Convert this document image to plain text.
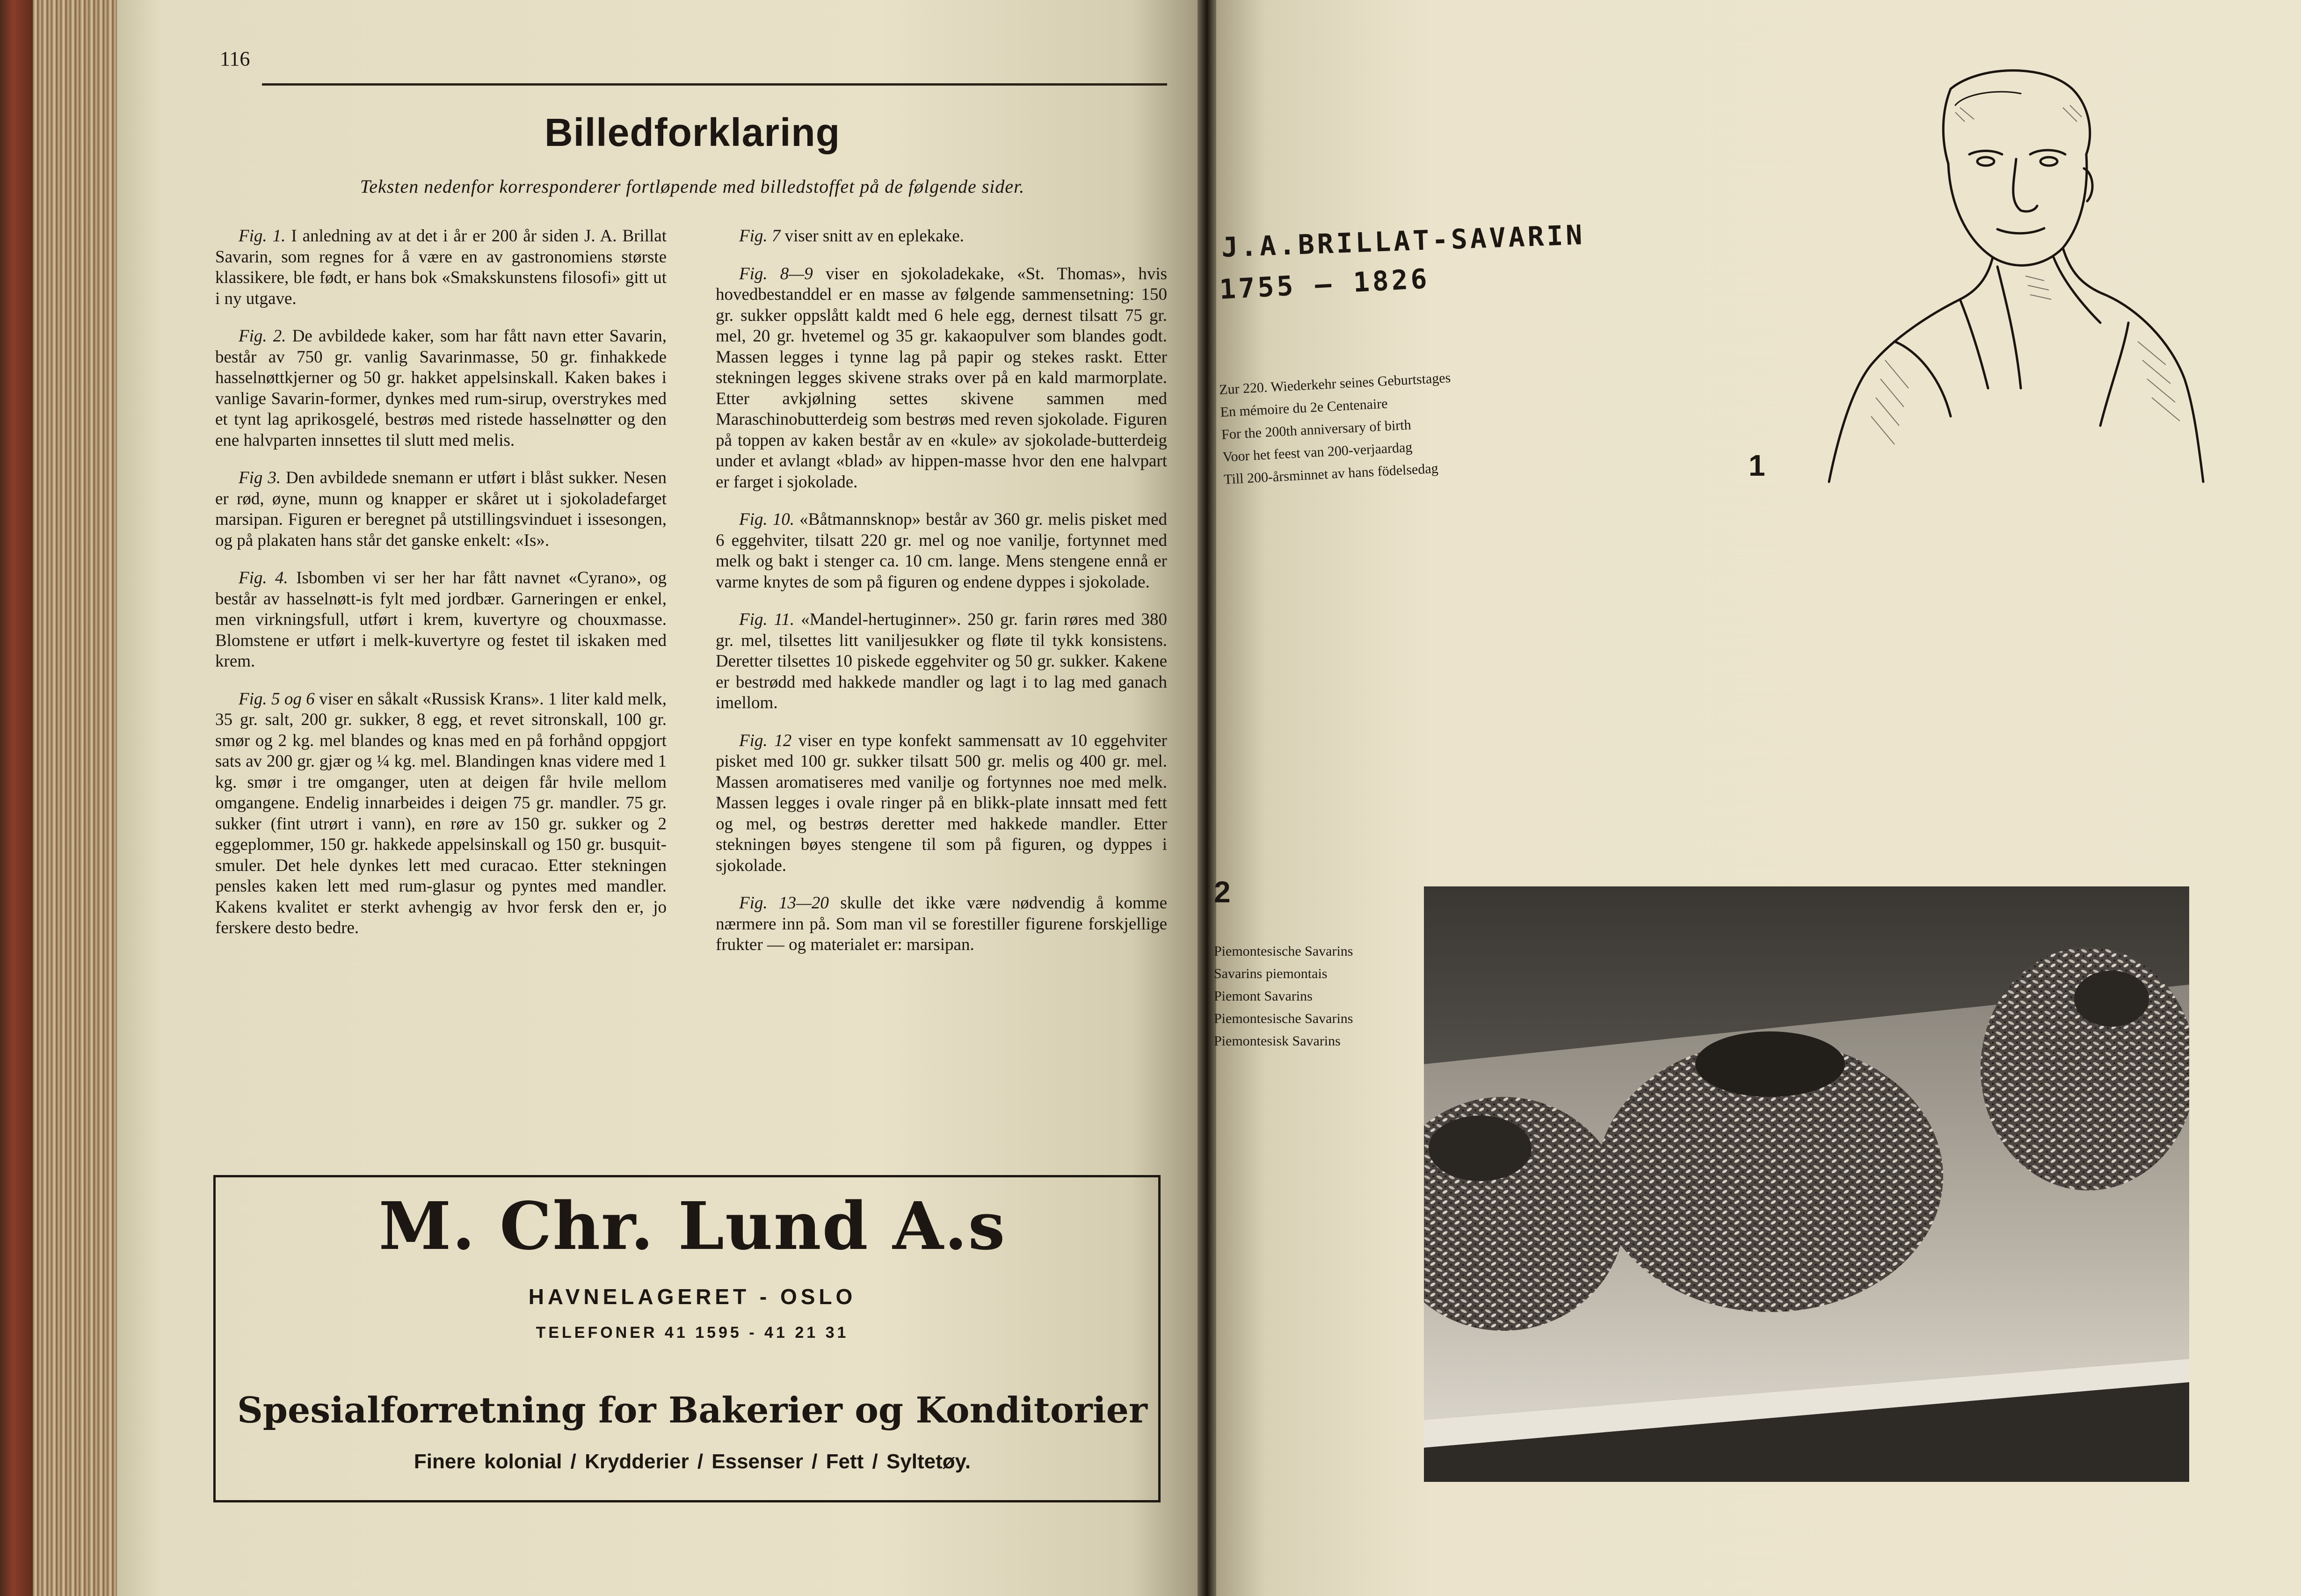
116
Billedforklaring
Teksten nedenfor korresponderer fortløpende med billedstoffet på de følgende sider.

Fig. 1. I anledning av at det i år er 200 år siden J. A. Brillat Savarin, som regnes for å være en av gastronomiens største klassikere, ble født, er hans bok «Smakskunstens filosofi» gitt ut i ny utgave.

Fig. 2. De avbildede kaker, som har fått navn etter Savarin, består av 750 gr. vanlig Savarinmasse, 50 gr. finhakkede hasselnøttkjerner og 50 gr. hakket appelsinskall. Kaken bakes i vanlige Savarin-former, dynkes med rum-sirup, overstrykes med et tynt lag aprikosgelé, bestrøs med ristede hasselnøtter og den ene halvparten innsettes til slutt med melis.

Fig 3. Den avbildede snemann er utført i blåst sukker. Nesen er rød, øyne, munn og knapper er skåret ut i sjokoladefarget marsipan. Figuren er beregnet på utstillingsvinduet i issesongen, og på plakaten hans står det ganske enkelt: «Is».

Fig. 4. Isbomben vi ser her har fått navnet «Cyrano», og består av hasselnøtt-is fylt med jordbær. Garneringen er enkel, men virkningsfull, utført i krem, kuvertyre og chouxmasse. Blomstene er utført i melk-kuvertyre og festet til iskaken med krem.

Fig. 5 og 6 viser en såkalt «Russisk Krans». 1 liter kald melk, 35 gr. salt, 200 gr. sukker, 8 egg, et revet sitronskall, 100 gr. smør og 2 kg. mel blandes og knas med en på forhånd oppgjort sats av 200 gr. gjær og ¼ kg. mel. Blandingen knas videre med 1 kg. smør i tre omganger, uten at deigen får hvile mellom omgangene. Endelig innarbeides i deigen 75 gr. mandler. 75 gr. sukker (fint utrørt i vann), en røre av 150 gr. sukker og 2 eggeplommer, 150 gr. hakkede appelsinskall og 150 gr. busquit-smuler. Det hele dynkes lett med curacao. Etter stekningen pensles kaken lett med rum-glasur og pyntes med mandler. Kakens kvalitet er sterkt avhengig av hvor fersk den er, jo ferskere desto bedre.

Fig. 7 viser snitt av en eplekake.

Fig. 8—9 viser en sjokoladekake, «St. Thomas», hvis hovedbestanddel er en masse av følgende sammensetning: 150 gr. sukker oppslått kaldt med 6 hele egg, dernest tilsatt 75 gr. mel, 20 gr. hvetemel og 35 gr. kakaopulver som blandes godt. Massen legges i tynne lag på papir og stekes raskt. Etter stekningen legges skivene straks over på en kald marmorplate. Etter avkjølning settes skivene sammen med Maraschinobutterdeig som bestrøs med reven sjokolade. Figuren på toppen av kaken består av en «kule» av sjokolade-butterdeig under et avlangt «blad» av hippen-masse hvor den ene halvpart er farget i sjokolade.

Fig. 10. «Båtmannsknop» består av 360 gr. melis pisket med 6 eggehviter, tilsatt 220 gr. mel og noe vanilje, fortynnet med melk og bakt i stenger ca. 10 cm. lange. Mens stengene ennå er varme knytes de som på figuren og endene dyppes i sjokolade.

Fig. 11. «Mandel-hertuginner». 250 gr. farin røres med 380 gr. mel, tilsettes litt vaniljesukker og fløte til tykk konsistens. Deretter tilsettes 10 piskede eggehviter og 50 gr. sukker. Kakene er bestrødd med hakkede mandler og lagt i to lag med ganach imellom.

Fig. 12 viser en type konfekt sammensatt av 10 eggehviter pisket med 100 gr. sukker tilsatt 500 gr. melis og 400 gr. mel. Massen aromatiseres med vanilje og fortynnes noe med melk. Massen legges i ovale ringer på en blikk-plate innsatt med fett og mel, og bestrøs deretter med hakkede mandler. Etter stekningen bøyes stengene til som på figuren, og dyppes i sjokolade.

Fig. 13—20 skulle det ikke være nødvendig å komme nærmere inn på. Som man vil se forestiller figurene forskjellige frukter — og materialet er: marsipan.

M. Chr. Lund A.s
HAVNELAGERET - OSLO
TELEFONER 41 1595 - 41 21 31
Spesialforretning for Bakerier og Konditorier
Finere kolonial / Krydderier / Essenser / Fett / Syltetøy.
J.A.BRILLAT-SAVARIN
1755 — 1826
Zur 220. Wiederkehr seines Geburtstages
En mémoire du 2e Centenaire
For the 200th anniversary of birth
Voor het feest van 200-verjaardag
Till 200-årsminnet av hans födelsedag	1
2
Piemontesische Savarins
Savarins piemontais
Piemont Savarins
Piemontesische Savarins
Piemontesisk Savarins
